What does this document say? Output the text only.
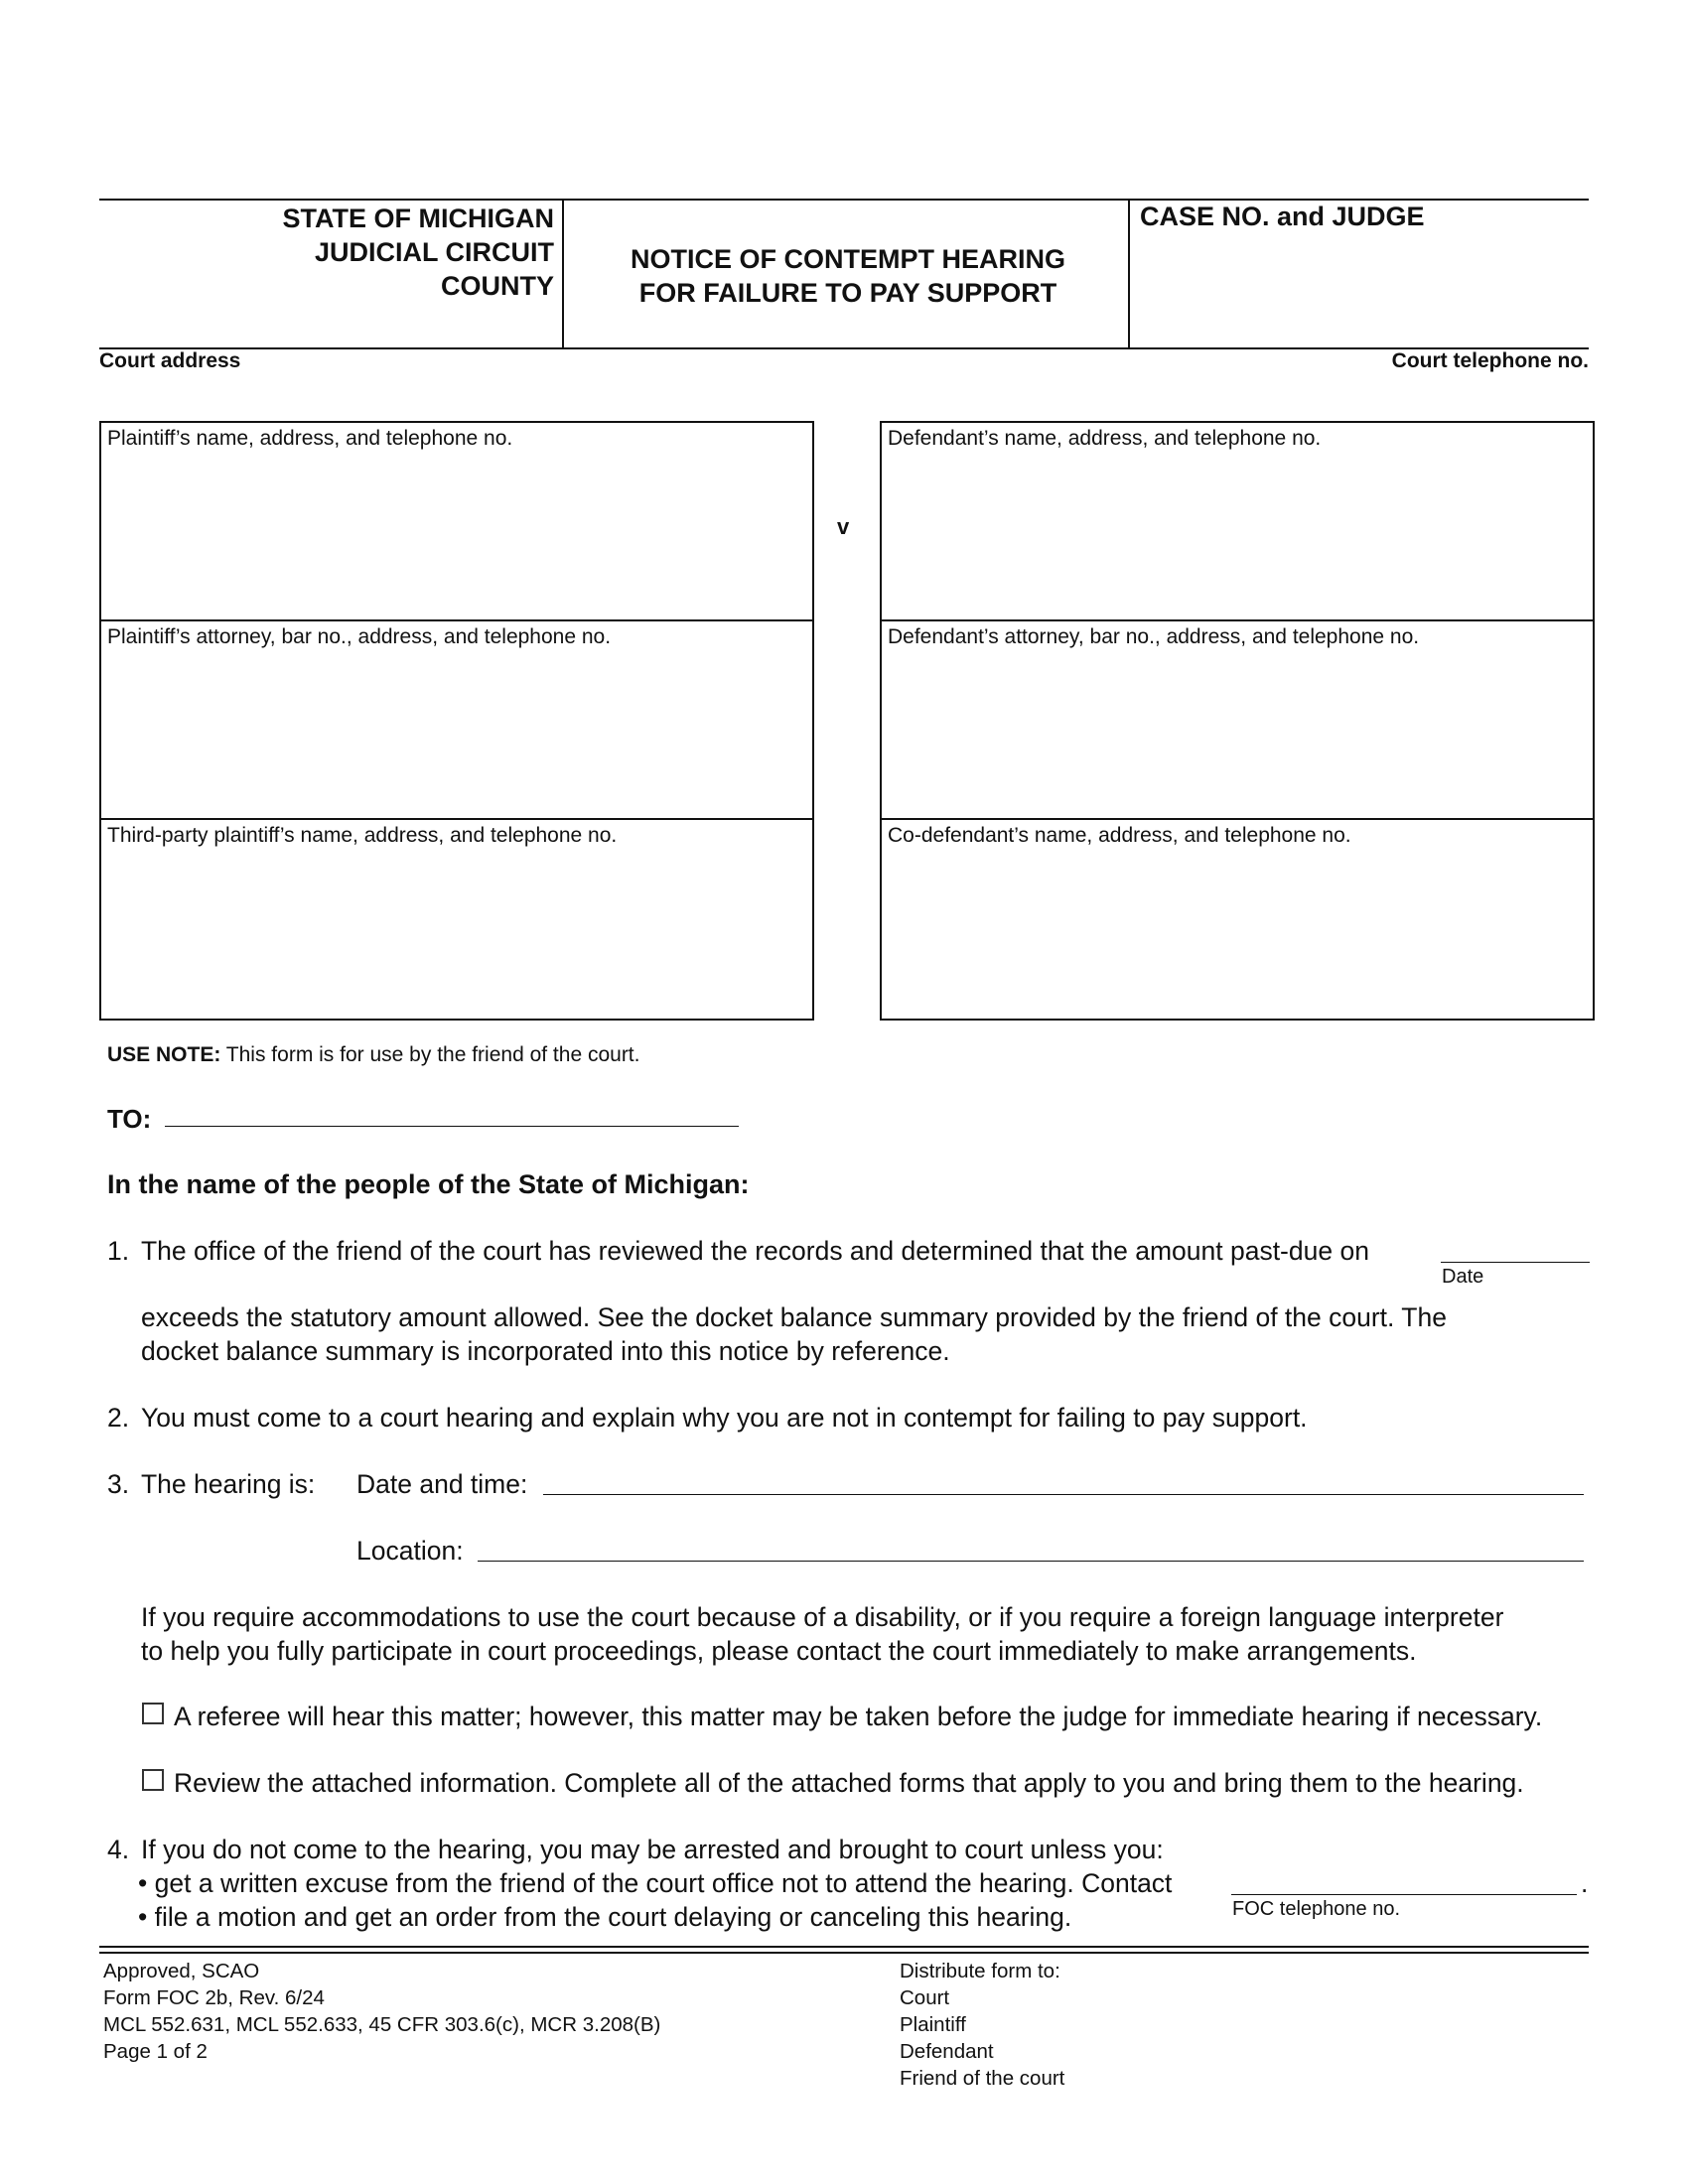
STATE OF MICHIGAN
JUDICIAL CIRCUIT
COUNTY
NOTICE OF CONTEMPT HEARING
FOR FAILURE TO PAY SUPPORT
CASE NO. and JUDGE
Court address	Court telephone no.
Plaintiff’s name, address, and telephone no.
Plaintiff’s attorney, bar no., address, and telephone no.
Third-party plaintiff’s name, address, and telephone no.
v
Defendant’s name, address, and telephone no.
Defendant’s attorney, bar no., address, and telephone no.
Co-defendant’s name, address, and telephone no.
USE NOTE: This form is for use by the friend of the court.
TO:
In the name of the people of the State of Michigan:
1. The office of the friend of the court has reviewed the records and determined that the amount past-due on
Date
exceeds the statutory amount allowed. See the docket balance summary provided by the friend of the court. The
docket balance summary is incorporated into this notice by reference.
2. You must come to a court hearing and explain why you are not in contempt for failing to pay support.
3. The hearing is: Date and time:
Location:
If you require accommodations to use the court because of a disability, or if you require a foreign language interpreter
to help you fully participate in court proceedings, please contact the court immediately to make arrangements.
A referee will hear this matter; however, this matter may be taken before the judge for immediate hearing if necessary.
Review the attached information. Complete all of the attached forms that apply to you and bring them to the hearing.
4. If you do not come to the hearing, you may be arrested and brought to court unless you:
• get a written excuse from the friend of the court office not to attend the hearing. Contact	.
FOC telephone no.
• file a motion and get an order from the court delaying or canceling this hearing.
Approved, SCAO
Form FOC 2b, Rev. 6/24
MCL 552.631, MCL 552.633, 45 CFR 303.6(c), MCR 3.208(B)
Page 1 of 2
Distribute form to:
Court
Plaintiff
Defendant
Friend of the court
